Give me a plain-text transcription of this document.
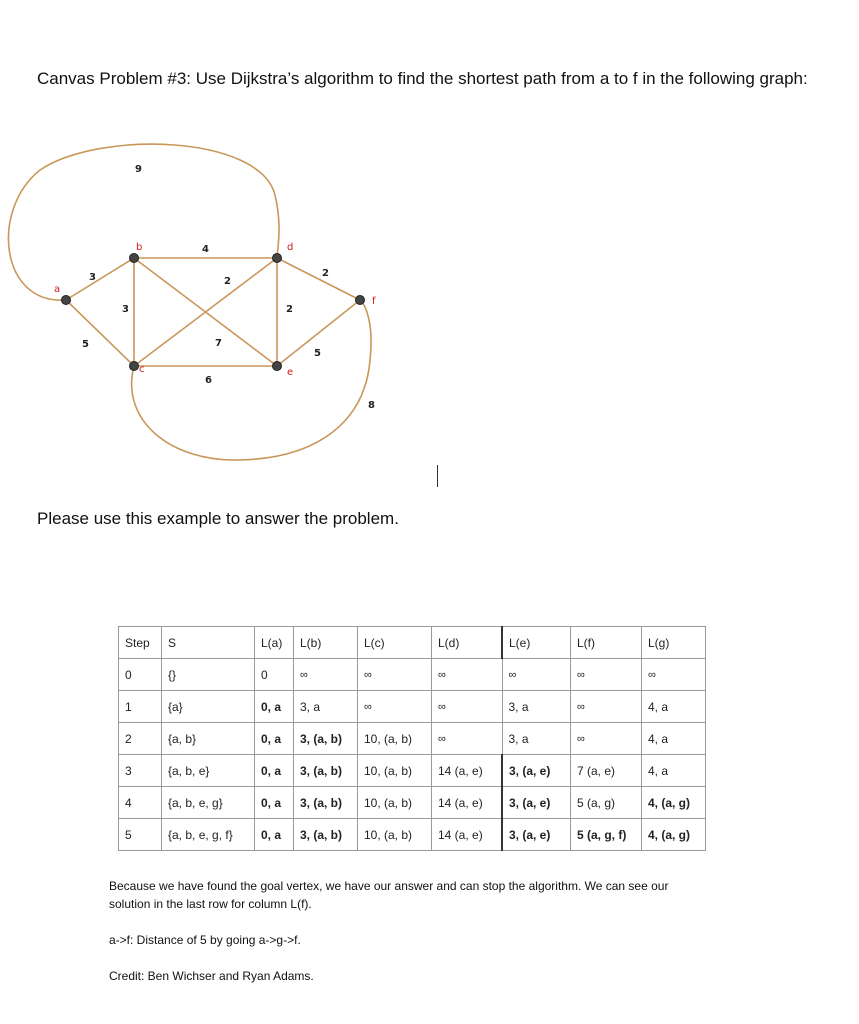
Canvas Problem #3: Use Dijkstra’s algorithm to find the shortest path from a to f in the following graph:
a
b
c
d
e
f
9
3
5
4
2
3
2
2
7
6
5
8

Please use this example to answer the problem.

Step	S	L(a)	L(b)	L(c)	L(d)	L(e)	L(f)	L(g)
0	{}	0	∞	∞	∞	∞	∞	∞
1	{a}	0, a	3, a	∞	∞	3, a	∞	4, a
2	{a, b}	0, a	3, (a, b)	10, (a, b)	∞	3, a	∞	4, a
3	{a, b, e}	0, a	3, (a, b)	10, (a, b)	14 (a, e)	3, (a, e)	7 (a, e)	4, a
4	{a, b, e, g}	0, a	3, (a, b)	10, (a, b)	14 (a, e)	3, (a, e)	5 (a, g)	4, (a, g)
5	{a, b, e, g, f}	0, a	3, (a, b)	10, (a, b)	14 (a, e)	3, (a, e)	5 (a, g, f)	4, (a, g)

Because we have found the goal vertex, we have our answer and can stop the algorithm. We can see our solution in the last row for column L(f).

a->f: Distance of 5 by going a->g->f.

Credit: Ben Wichser and Ryan Adams.
